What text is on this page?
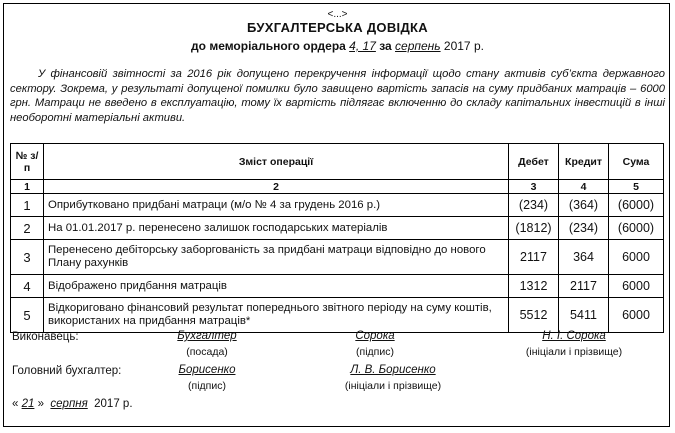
<...>
БУХГАЛТЕРСЬКА ДОВІДКА
до меморіального ордера 4, 17 за серпень 2017 р.
У фінансовій звітності за 2016 рік допущено перекручення інформації щодо стану активів суб’єкта державного сектору. Зокрема, у результаті допущеної помилки було завищено вартість запасів на суму придбаних матраців – 6000 грн. Матраци не введено в експлуатацію, тому їх вартість підлягає включенню до складу капітальних інвестицій в інші необоротні матеріальні активи.
№ з/п	Зміст операції	Дебет	Кредит	Сума
1	2	3	4	5
1	Оприбутковано придбані матраци (м/о № 4 за грудень 2016 р.)	(234)	(364)	(6000)
2	На 01.01.2017 р. перенесено залишок господарських матеріалів	(1812)	(234)	(6000)
3	Перенесено дебіторську заборгованість за придбані матраци відповідно до нового Плану рахунків	2117	364	6000
4	Відображено придбання матраців	1312	2117	6000
5	Відкориговано фінансовий результат попереднього звітного періоду на суму коштів, використаних на придбання матраців*	5512	5411	6000
Виконавець:	Бухгалтер
(посада)
Сорока
(підпис)
Н. І. Сорока
(ініціали і прізвище)
Головний бухгалтер:	Борисенко
(підпис)
Л. В. Борисенко
(ініціали і прізвище)
« 21 » серпня 2017 р.
